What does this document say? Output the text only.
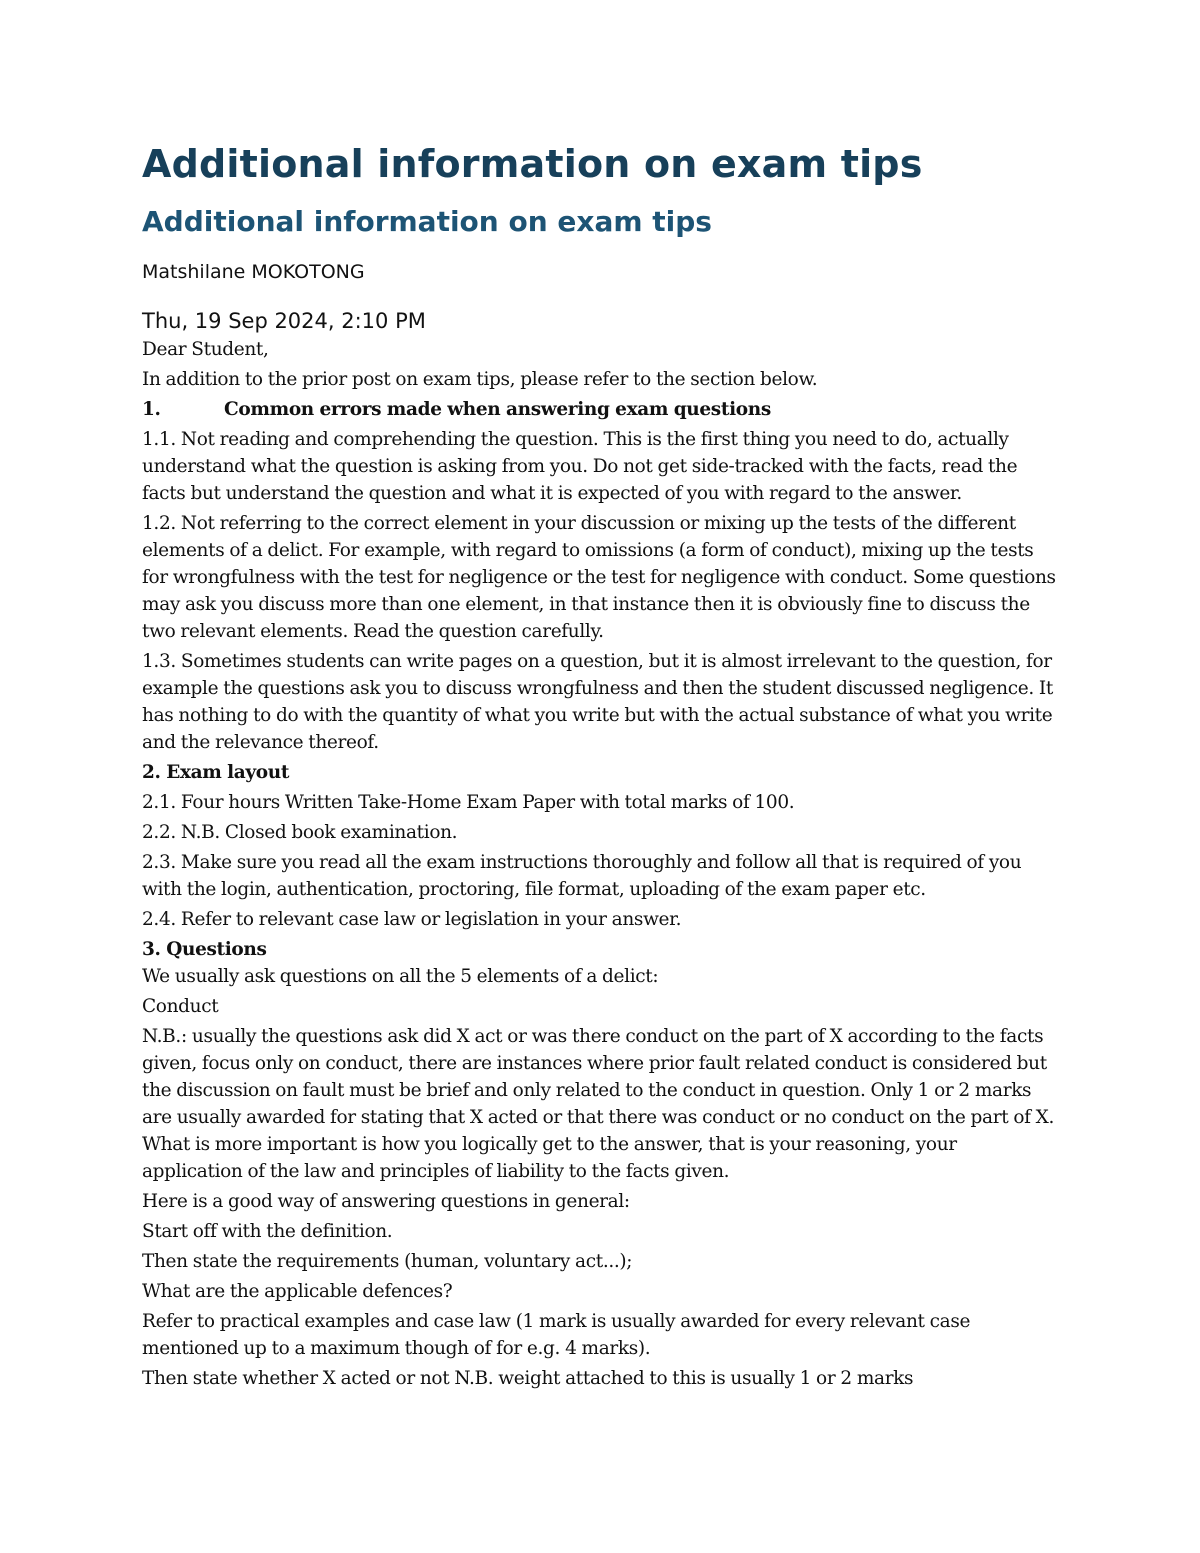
Additional information on exam tips
Additional information on exam tips
Matshilane MOKOTONG
Thu, 19 Sep 2024, 2:10 PM

Dear Student,

In addition to the prior post on exam tips, please refer to the section below.

1.	Common errors made when answering exam questions

1.1. Not reading and comprehending the question. This is the first thing you need to do, actually understand what the question is asking from you. Do not get side-tracked with the facts, read the facts but understand the question and what it is expected of you with regard to the answer.

1.2. Not referring to the correct element in your discussion or mixing up the tests of the different elements of a delict. For example, with regard to omissions (a form of conduct), mixing up the tests for wrongfulness with the test for negligence or the test for negligence with conduct. Some questions may ask you discuss more than one element, in that instance then it is obviously fine to discuss the two relevant elements. Read the question carefully.

1.3. Sometimes students can write pages on a question, but it is almost irrelevant to the question, for example the questions ask you to discuss wrongfulness and then the student discussed negligence. It has nothing to do with the quantity of what you write but with the actual substance of what you write and the relevance thereof.

2. Exam layout

2.1. Four hours Written Take-Home Exam Paper with total marks of 100.

2.2. N.B. Closed book examination.

2.3. Make sure you read all the exam instructions thoroughly and follow all that is required of you with the login, authentication, proctoring, file format, uploading of the exam paper etc.

2.4. Refer to relevant case law or legislation in your answer.

3. Questions

We usually ask questions on all the 5 elements of a delict:

Conduct

N.B.: usually the questions ask did X act or was there conduct on the part of X according to the facts given, focus only on conduct, there are instances where prior fault related conduct is considered but the discussion on fault must be brief and only related to the conduct in question. Only 1 or 2 marks are usually awarded for stating that X acted or that there was conduct or no conduct on the part of X. What is more important is how you logically get to the answer, that is your reasoning, your application of the law and principles of liability to the facts given.

Here is a good way of answering questions in general:

Start off with the definition.

Then state the requirements (human, voluntary act...);

What are the applicable defences?

Refer to practical examples and case law (1 mark is usually awarded for every relevant case mentioned up to a maximum though of for e.g. 4 marks).

Then state whether X acted or not N.B. weight attached to this is usually 1 or 2 marks
